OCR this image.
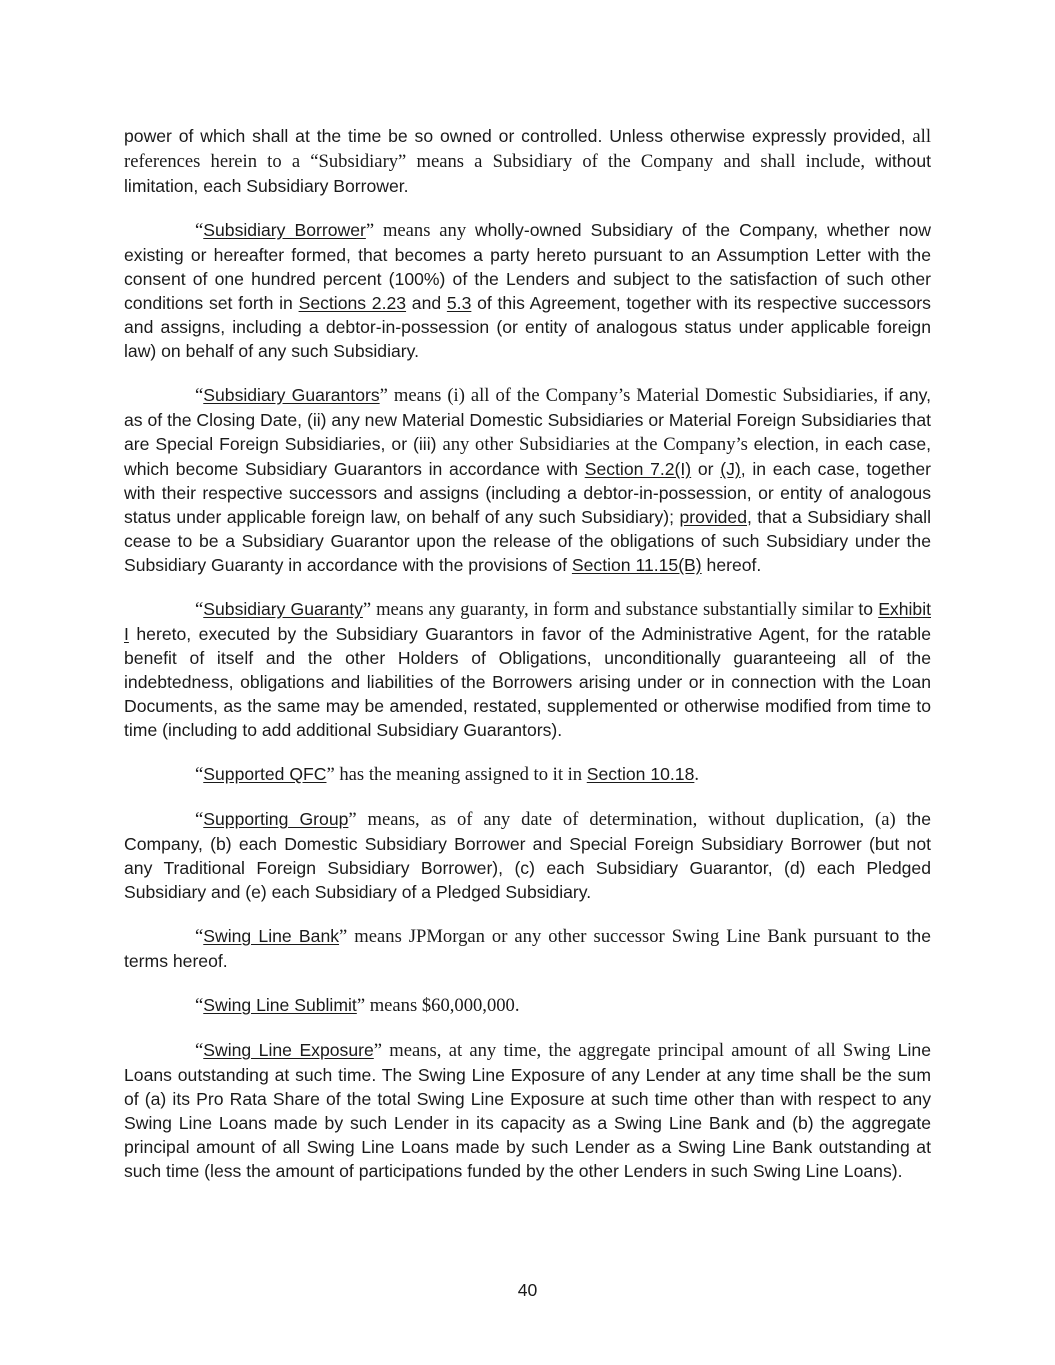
power of which shall at the time be so owned or controlled. Unless otherwise expressly provided, all references herein to a “Subsidiary” means a Subsidiary of the Company and shall include, without limitation, each Subsidiary Borrower.

“Subsidiary Borrower” means any wholly-owned Subsidiary of the Company, whether now existing or hereafter formed, that becomes a party hereto pursuant to an Assumption Letter with the consent of one hundred percent (100%) of the Lenders and subject to the satisfaction of such other conditions set forth in Sections 2.23 and 5.3 of this Agreement, together with its respective successors and assigns, including a debtor-in-possession (or entity of analogous status under applicable foreign law) on behalf of any such Subsidiary.

“Subsidiary Guarantors” means (i) all of the Company’s Material Domestic Subsidiaries, if any, as of the Closing Date, (ii) any new Material Domestic Subsidiaries or Material Foreign Subsidiaries that are Special Foreign Subsidiaries, or (iii) any other Subsidiaries at the Company’s election, in each case, which become Subsidiary Guarantors in accordance with Section 7.2(I) or (J), in each case, together with their respective successors and assigns (including a debtor-in-possession, or entity of analogous status under applicable foreign law, on behalf of any such Subsidiary); provided, that a Subsidiary shall cease to be a Subsidiary Guarantor upon the release of the obligations of such Subsidiary under the Subsidiary Guaranty in accordance with the provisions of Section 11.15(B) hereof.

“Subsidiary Guaranty” means any guaranty, in form and substance substantially similar to Exhibit I hereto, executed by the Subsidiary Guarantors in favor of the Administrative Agent, for the ratable benefit of itself and the other Holders of Obligations, unconditionally guaranteeing all of the indebtedness, obligations and liabilities of the Borrowers arising under or in connection with the Loan Documents, as the same may be amended, restated, supplemented or otherwise modified from time to time (including to add additional Subsidiary Guarantors).

“Supported QFC” has the meaning assigned to it in Section 10.18.

“Supporting Group” means, as of any date of determination, without duplication, (a) the Company, (b) each Domestic Subsidiary Borrower and Special Foreign Subsidiary Borrower (but not any Traditional Foreign Subsidiary Borrower), (c) each Subsidiary Guarantor, (d) each Pledged Subsidiary and (e) each Subsidiary of a Pledged Subsidiary.

“Swing Line Bank” means JPMorgan or any other successor Swing Line Bank pursuant to the terms hereof.

“Swing Line Sublimit” means $60,000,000.

“Swing Line Exposure” means, at any time, the aggregate principal amount of all Swing Line Loans outstanding at such time. The Swing Line Exposure of any Lender at any time shall be the sum of (a) its Pro Rata Share of the total Swing Line Exposure at such time other than with respect to any Swing Line Loans made by such Lender in its capacity as a Swing Line Bank and (b) the aggregate principal amount of all Swing Line Loans made by such Lender as a Swing Line Bank outstanding at such time (less the amount of participations funded by the other Lenders in such Swing Line Loans).

40
